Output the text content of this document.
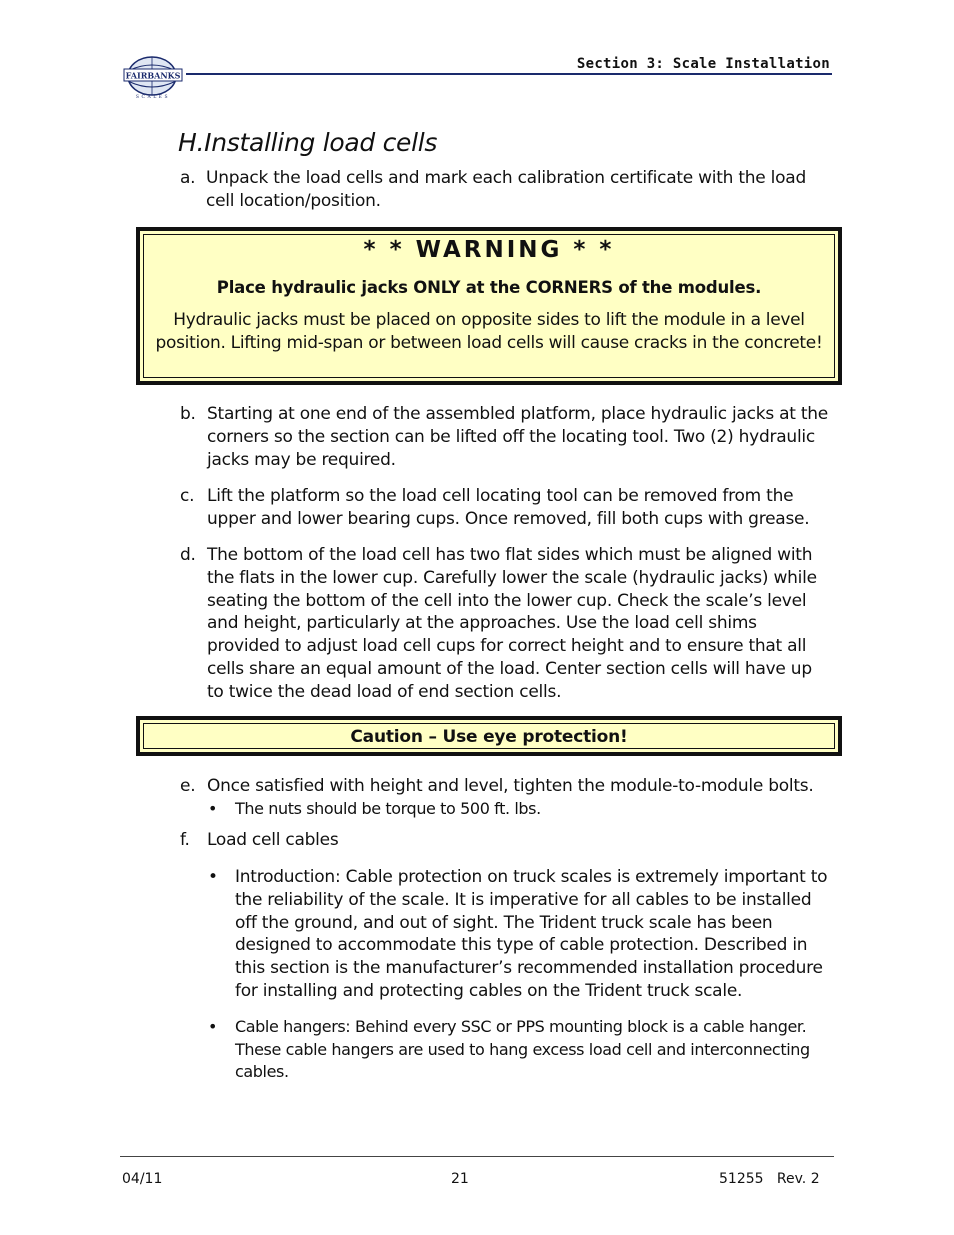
FAIRBANKS
SCALES
Section 3: Scale Installation
H.Installing load cells
a. Unpack the load cells and mark each calibration certificate with the load cell location/position.
* * WARNING * *
Place hydraulic jacks ONLY at the CORNERS of the modules.
Hydraulic jacks must be placed on opposite sides to lift the module in a level position. Lifting mid-span or between load cells will cause cracks in the concrete!
b. Starting at one end of the assembled platform, place hydraulic jacks at the corners so the section can be lifted off the locating tool. Two (2) hydraulic jacks may be required.
c. Lift the platform so the load cell locating tool can be removed from the upper and lower bearing cups. Once removed, fill both cups with grease.
d. The bottom of the load cell has two flat sides which must be aligned with the flats in the lower cup. Carefully lower the scale (hydraulic jacks) while seating the bottom of the cell into the lower cup. Check the scale’s level and height, particularly at the approaches. Use the load cell shims provided to adjust load cell cups for correct height and to ensure that all cells share an equal amount of the load. Center section cells will have up to twice the dead load of end section cells.
Caution – Use eye protection!
e. Once satisfied with height and level, tighten the module-to-module bolts.
•	The nuts should be torque to 500 ft. lbs.
f.	Load cell cables
•	Introduction: Cable protection on truck scales is extremely important to the reliability of the scale. It is imperative for all cables to be installed off the ground, and out of sight. The Trident truck scale has been designed to accommodate this type of cable protection. Described in this section is the manufacturer’s recommended installation procedure for installing and protecting cables on the Trident truck scale.
•	Cable hangers: Behind every SSC or PPS mounting block is a cable hanger. These cable hangers are used to hang excess load cell and interconnecting cables.
04/11	21	51255   Rev. 2
